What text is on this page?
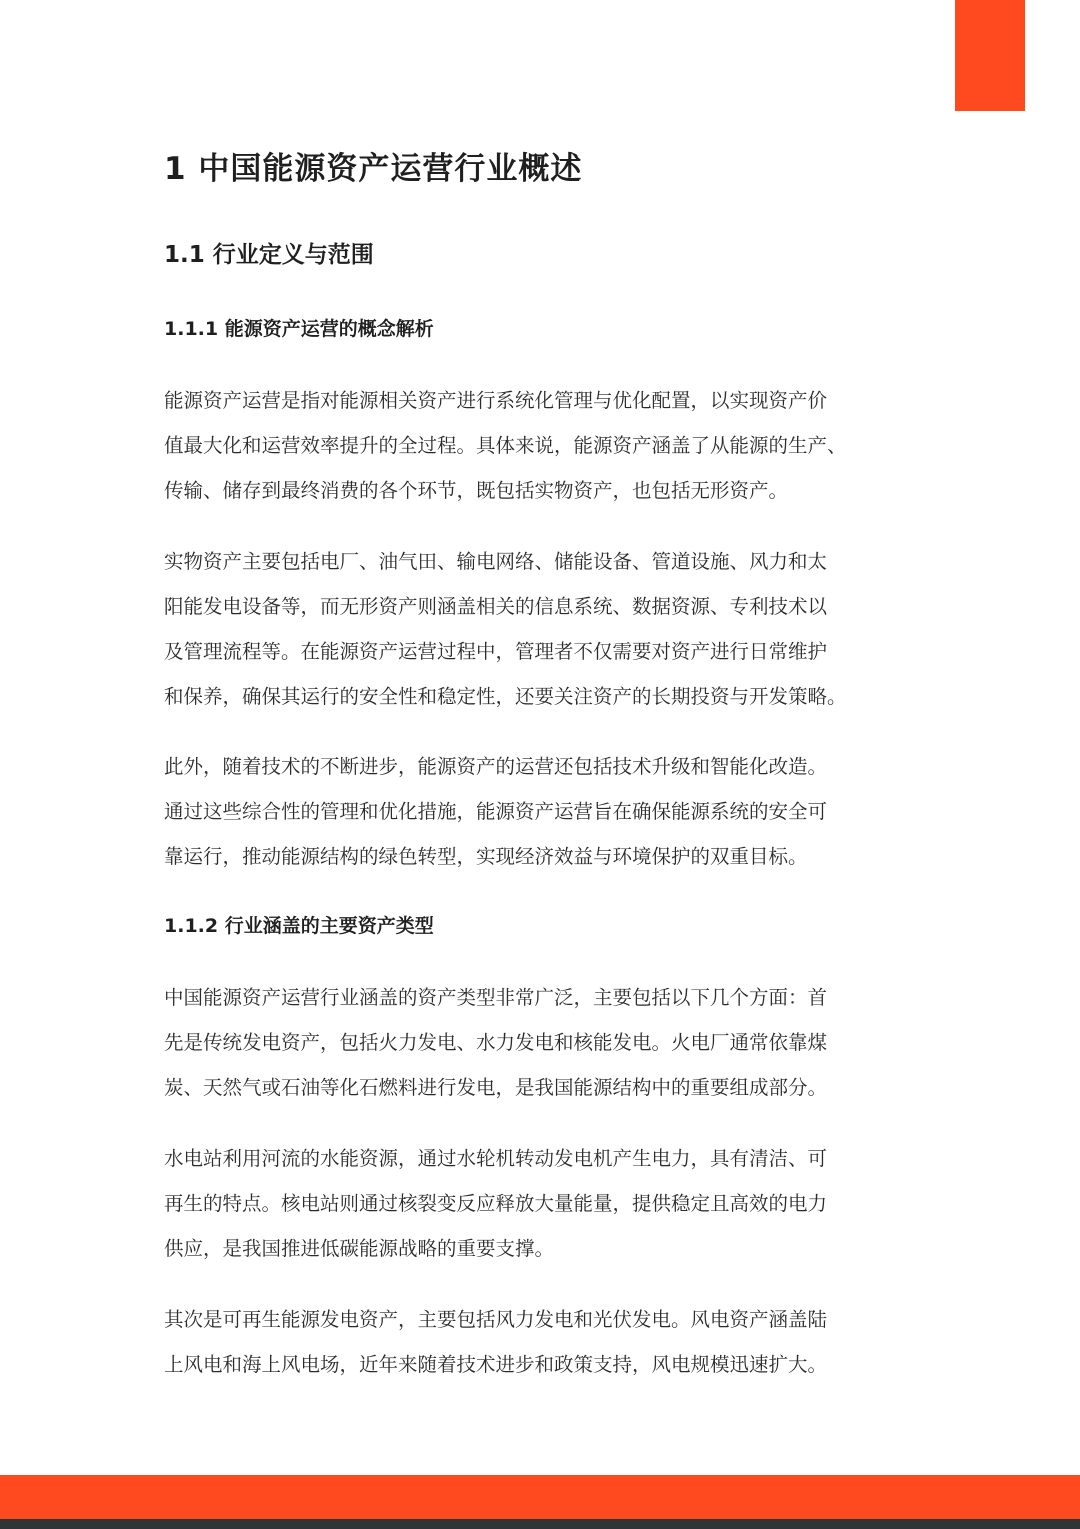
1 中国能源资产运营行业概述
1.1 行业定义与范围
1.1.1 能源资产运营的概念解析

能源资产运营是指对能源相关资产进行系统化管理与优化配置，以实现资产价
值最大化和运营效率提升的全过程。具体来说，能源资产涵盖了从能源的生产、
传输、储存到最终消费的各个环节，既包括实物资产，也包括无形资产。

实物资产主要包括电厂、油气田、输电网络、储能设备、管道设施、风力和太
阳能发电设备等，而无形资产则涵盖相关的信息系统、数据资源、专利技术以
及管理流程等。在能源资产运营过程中，管理者不仅需要对资产进行日常维护
和保养，确保其运行的安全性和稳定性，还要关注资产的长期投资与开发策略。

此外，随着技术的不断进步，能源资产的运营还包括技术升级和智能化改造。
通过这些综合性的管理和优化措施，能源资产运营旨在确保能源系统的安全可
靠运行，推动能源结构的绿色转型，实现经济效益与环境保护的双重目标。

1.1.2 行业涵盖的主要资产类型

中国能源资产运营行业涵盖的资产类型非常广泛，主要包括以下几个方面：首
先是传统发电资产，包括火力发电、水力发电和核能发电。火电厂通常依靠煤
炭、天然气或石油等化石燃料进行发电，是我国能源结构中的重要组成部分。

水电站利用河流的水能资源，通过水轮机转动发电机产生电力，具有清洁、可
再生的特点。核电站则通过核裂变反应释放大量能量，提供稳定且高效的电力
供应，是我国推进低碳能源战略的重要支撑。

其次是可再生能源发电资产，主要包括风力发电和光伏发电。风电资产涵盖陆
上风电和海上风电场，近年来随着技术进步和政策支持，风电规模迅速扩大。
